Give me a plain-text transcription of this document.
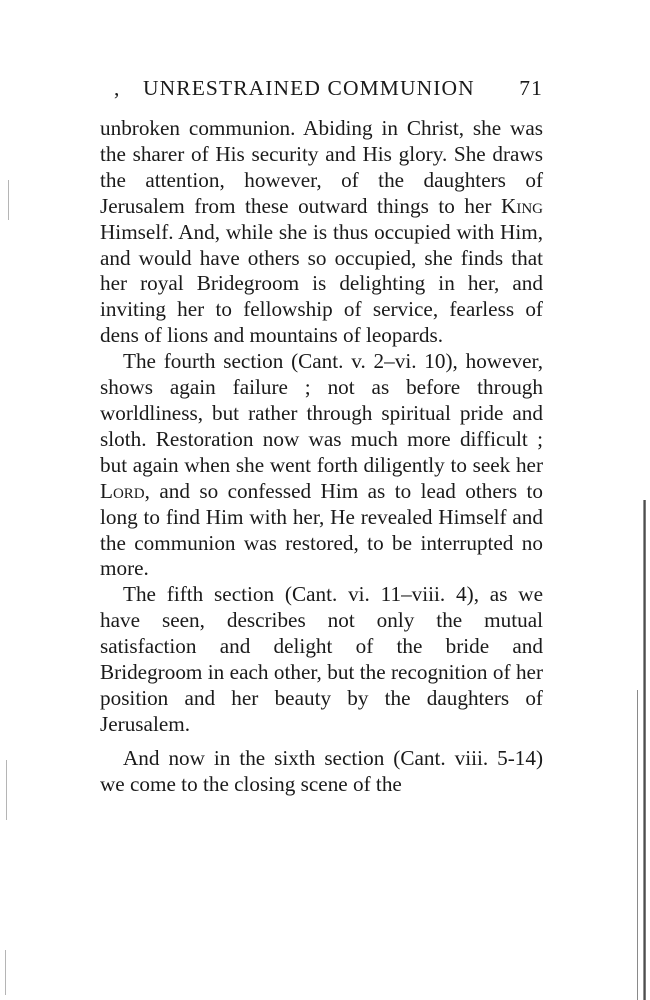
, UNRESTRAINED COMMUNION 71

unbroken communion. Abiding in Christ, she was the sharer of His security and His glory. She draws the attention, however, of the daughters of Jerusalem from these outward things to her King Himself. And, while she is thus occupied with Him, and would have others so occupied, she finds that her royal Bridegroom is delighting in her, and inviting her to fellowship of service, fearless of dens of lions and mountains of leopards.

The fourth section (Cant. v. 2–vi. 10), however, shows again failure ; not as before through worldliness, but rather through spiritual pride and sloth. Restoration now was much more difficult ; but again when she went forth diligently to seek her Lord, and so confessed Him as to lead others to long to find Him with her, He revealed Himself and the communion was restored, to be interrupted no more.

The fifth section (Cant. vi. 11–viii. 4), as we have seen, describes not only the mutual satisfaction and delight of the bride and Bridegroom in each other, but the recognition of her position and her beauty by the daughters of Jerusalem.

And now in the sixth section (Cant. viii. 5-14) we come to the closing scene of the
